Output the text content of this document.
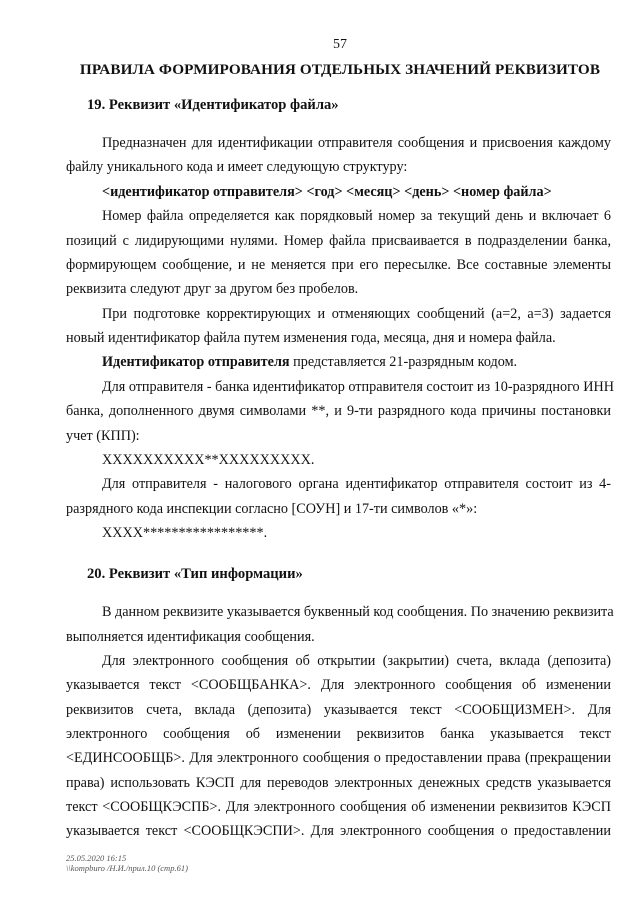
57
ПРАВИЛА ФОРМИРОВАНИЯ ОТДЕЛЬНЫХ ЗНАЧЕНИЙ РЕКВИЗИТОВ
19. Реквизит «Идентификатор файла»
Предназначен для идентификации отправителя сообщения и присвоения каждому
файлу уникального кода и имеет следующую структуру:
<идентификатор отправителя> <год> <месяц> <день> <номер файла>
Номер файла определяется как порядковый номер за текущий день и включает 6
позиций с лидирующими нулями. Номер файла присваивается в подразделении банка,
формирующем сообщение, и не меняется при его пересылке. Все составные элементы
реквизита следуют друг за другом без пробелов.
При подготовке корректирующих и отменяющих сообщений (а=2, а=3) задается
новый идентификатор файла путем изменения года, месяца, дня и номера файла.
Идентификатор отправителя представляется 21-разрядным кодом.
Для отправителя - банка идентификатор отправителя состоит из 10-разрядного ИНН
банка, дополненного двумя символами **, и 9-ти разрядного кода причины постановки
учет (КПП):
XXXXXXXXXX**XXXXXXXXX.
Для отправителя - налогового органа идентификатор отправителя состоит из 4-
разрядного кода инспекции согласно [СОУН] и 17-ти символов «*»:
XXXX*****************.
20. Реквизит «Тип информации»
В данном реквизите указывается буквенный код сообщения. По значению реквизита
выполняется идентификация сообщения.
Для электронного сообщения об открытии (закрытии) счета, вклада (депозита)
указывается текст <СООБЩБАНКА>. Для электронного сообщения об изменении
реквизитов счета, вклада (депозита) указывается текст <СООБЩИЗМЕН>. Для
электронного сообщения об изменении реквизитов банка указывается текст
<ЕДИНСООБЩБ>. Для электронного сообщения о предоставлении права (прекращении
права) использовать КЭСП для переводов электронных денежных средств указывается
текст <СООБЩКЭСПБ>. Для электронного сообщения об изменении реквизитов КЭСП
указывается текст <СООБЩКЭСПИ>. Для электронного сообщения о предоставлении
25.05.2020 16:15
\\kompburo /Н.И./прил.10 (стр.61)
